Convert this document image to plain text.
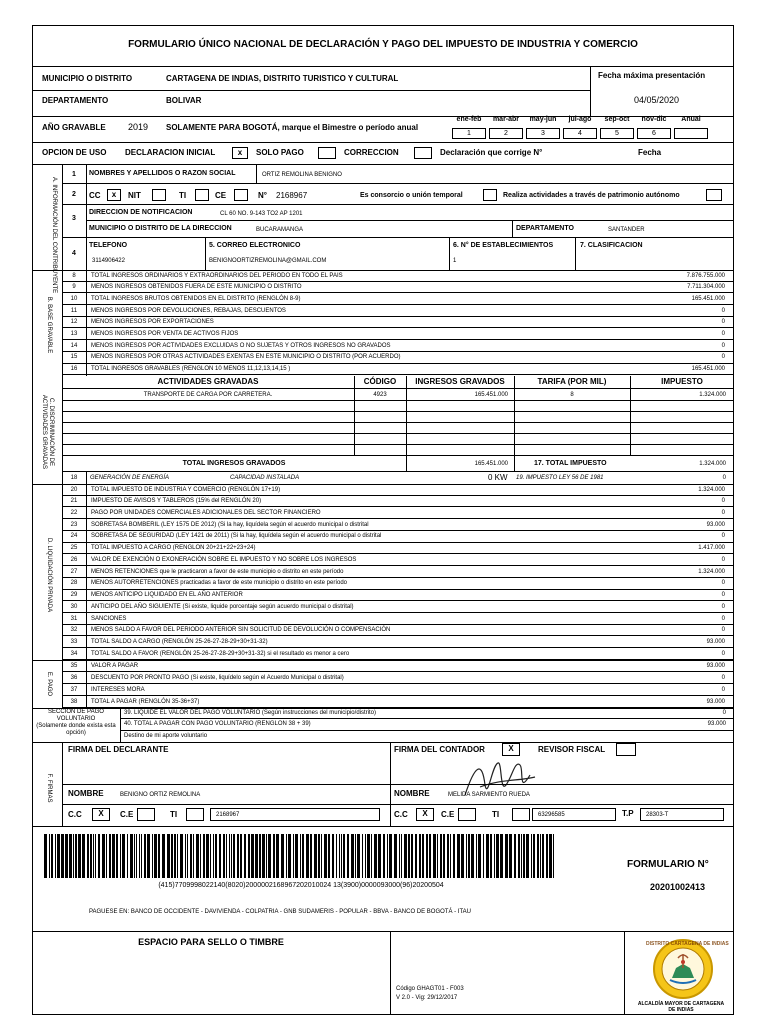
FORMULARIO ÚNICO NACIONAL DE DECLARACIÓN Y PAGO DEL IMPUESTO DE INDUSTRIA Y COMERCIO
MUNICIPIO O DISTRITO	CARTAGENA DE INDIAS, DISTRITO TURISTICO Y CULTURAL	Fecha máxima presentación
DEPARTAMENTO	BOLIVAR	04/05/2020
AÑO GRAVABLE 2019 SOLAMENTE PARA BOGOTÁ, marque el Bimestre o período anual
ene-feb
1
mar-abr
2
may-jun
3
jul-ago
4
sep-oct
5
nov-dic
6
Anual
OPCION DE USO DECLARACION INICIAL	x	SOLO PAGO	CORRECCION	Declaración que corrige N°	Fecha
A. INFORMACIÓN DEL CONTRIBUYENTE
1 NOMBRES Y APELLIDOS O RAZON SOCIAL	ORTIZ REMOLINA BENIGNO
2 CC	x	NIT	TI	CE	N° 2168967	Es consorcio o unión temporal	Realiza actividades a través de patrimonio autónomo
3
DIRECCION DE NOTIFICACION	CL 60 NO. 9-143 TO2 AP 1201
MUNICIPIO O DISTRITO DE LA DIRECCION	BUCARAMANGA	DEPARTAMENTO	SANTANDER
4
TELEFONO
3114906422
5. CORREO ELECTRONICO
BENIGNOORTIZREMOLINA@GMAIL.COM
6. N° DE ESTABLECIMIENTOS
1
7. CLASIFICACION
B. BASE GRAVABLE
8	TOTAL INGRESOS ORDINARIOS Y EXTRAORDINARIOS DEL PERIODO EN TODO EL PAIS	7.876.755.000
9	MENOS INGRESOS OBTENIDOS FUERA DE ESTE MUNICIPIO O DISTRITO	7.711.304.000
10	TOTAL INGRESOS BRUTOS OBTENIDOS EN EL DISTRITO (RENGLÓN 8-9)	165.451.000
11	MENOS INGRESOS POR DEVOLUCIONES, REBAJAS, DESCUENTOS	0
12	MENOS INGRESOS POR EXPORTACIONES	0
13	MENOS INGRESOS POR VENTA DE ACTIVOS FIJOS	0
14	MENOS INGRESOS POR ACTIVIDADES EXCLUIDAS O NO SUJETAS Y OTROS INGRESOS NO GRAVADOS	0
15	MENOS INGRESOS POR OTRAS ACTIVIDADES EXENTAS EN ESTE MUNICIPIO O DISTRITO (POR ACUERDO)	0
16	TOTAL INGRESOS GRAVABLES (RENGLON 10 MENOS 11,12,13,14,15 )	165.451.000
C. DISCRIMINACIÓN DE ACTIVIDADES GRAVADAS
ACTIVIDADES GRAVADAS	CÓDIGO	INGRESOS GRAVADOS	TARIFA (POR MIL)	IMPUESTO
TRANSPORTE DE CARGA POR CARRETERA.	4923	165.451.000	8	1.324.000
TOTAL INGRESOS GRAVADOS	165.451.000	17. TOTAL IMPUESTO	1.324.000
18	GENERACIÓN DE ENERGÍA	CAPACIDAD INSTALADA	0 KW 19. IMPUESTO LEY 56 DE 1981	0
D. LIQUIDACIÓN PRIVADA
20	TOTAL IMPUESTO DE INDUSTRIA Y COMERCIO (RENGLÓN 17+19)	1.324.000
21	IMPUESTO DE AVISOS Y TABLEROS (15% del RENGLÓN 20)	0
22	PAGO POR UNIDADES COMERCIALES ADICIONALES DEL SECTOR FINANCIERO	0
23	SOBRETASA BOMBERIL (LEY 1575 DE 2012) (Si la hay, liquídela según el acuerdo municipal o distrital	93.000
24	SOBRETASA DE SEGURIDAD (LEY 1421 de 2011) (Si la hay, liquídela según el acuerdo municipal o distrital	0
25	TOTAL IMPUESTO A CARGO (RENGLON 20+21+22+23+24)	1.417.000
26	VALOR DE EXENCIÓN O EXONERACIÓN SOBRE EL IMPUESTO Y NO SOBRE LOS INGRESOS	0
27	MENOS RETENCIONES que le practicaron a favor de este municipio o distrito en este período	1.324.000
28	MENOS AUTORRETENCIONES practicadas a favor de este municipio o distrito en este período	0
29	MENOS ANTICIPO LIQUIDADO EN EL AÑO ANTERIOR	0
30	ANTICIPO DEL AÑO SIGUIENTE (Si existe, liquide porcentaje según acuerdo municipal o distrital)	0
31	SANCIONES	0
32	MENOS SALDO A FAVOR DEL PERIODO ANTERIOR SIN SOLICITUD DE DEVOLUCIÓN O COMPENSACIÓN	0
33	TOTAL SALDO A CARGO (RENGLÓN 25-26-27-28-29+30+31-32)	93.000
34	TOTAL SALDO A FAVOR (RENGLÓN 25-26-27-28-29+30+31-32) si el resultado es menor a cero	0
E. PAGO
35	VALOR A PAGAR	93.000
36	DESCUENTO POR PRONTO PAGO (Si existe, liquídelo según el Acuerdo Municipal o distrital)	0
37	INTERESES MORA	0
38	TOTAL A PAGAR (RENGLÓN 35-36+37)	93.000
SECCIÓN DE PAGO VOLUNTARIO
(Solamente donde exista esta opción)
39. LIQUIDE EL VALOR DEL PAGO VOLUNTARIO (Según instrucciones del municipio/distrito)	0
40. TOTAL A PAGAR CON PAGO VOLUNTARIO (RENGLON 38 + 39)	93.000
Destino de mi aporte voluntario
F. FIRMAS
FIRMA DEL DECLARANTE	FIRMA DEL CONTADOR	X	REVISOR FISCAL
NOMBRE	BENIGNO ORTIZ REMOLINA	NOMBRE	MELIDA SARMIENTO RUEDA
C.C	X	C.E	TI	2168967	C.C	X	C.E	TI	63296585	T.P 28303-T
(415)7709998022140(8020)2000002168967202010024 13(3900)0000093000(96)20200504
FORMULARIO N°
20201002413
PAGUESE EN: BANCO DE OCCIDENTE - DAVIVIENDA - COLPATRIA - GNB SUDAMERIS - POPULAR - BBVA - BANCO DE BOGOTÁ - ITAU
ESPACIO PARA SELLO O TIMBRE
Código GHAGT01 - F003
V 2.0 - Vig: 29/12/2017
DISTRITO CARTAGENA DE INDIAS
ALCALDÍA MAYOR DE CARTAGENA DE INDIAS
